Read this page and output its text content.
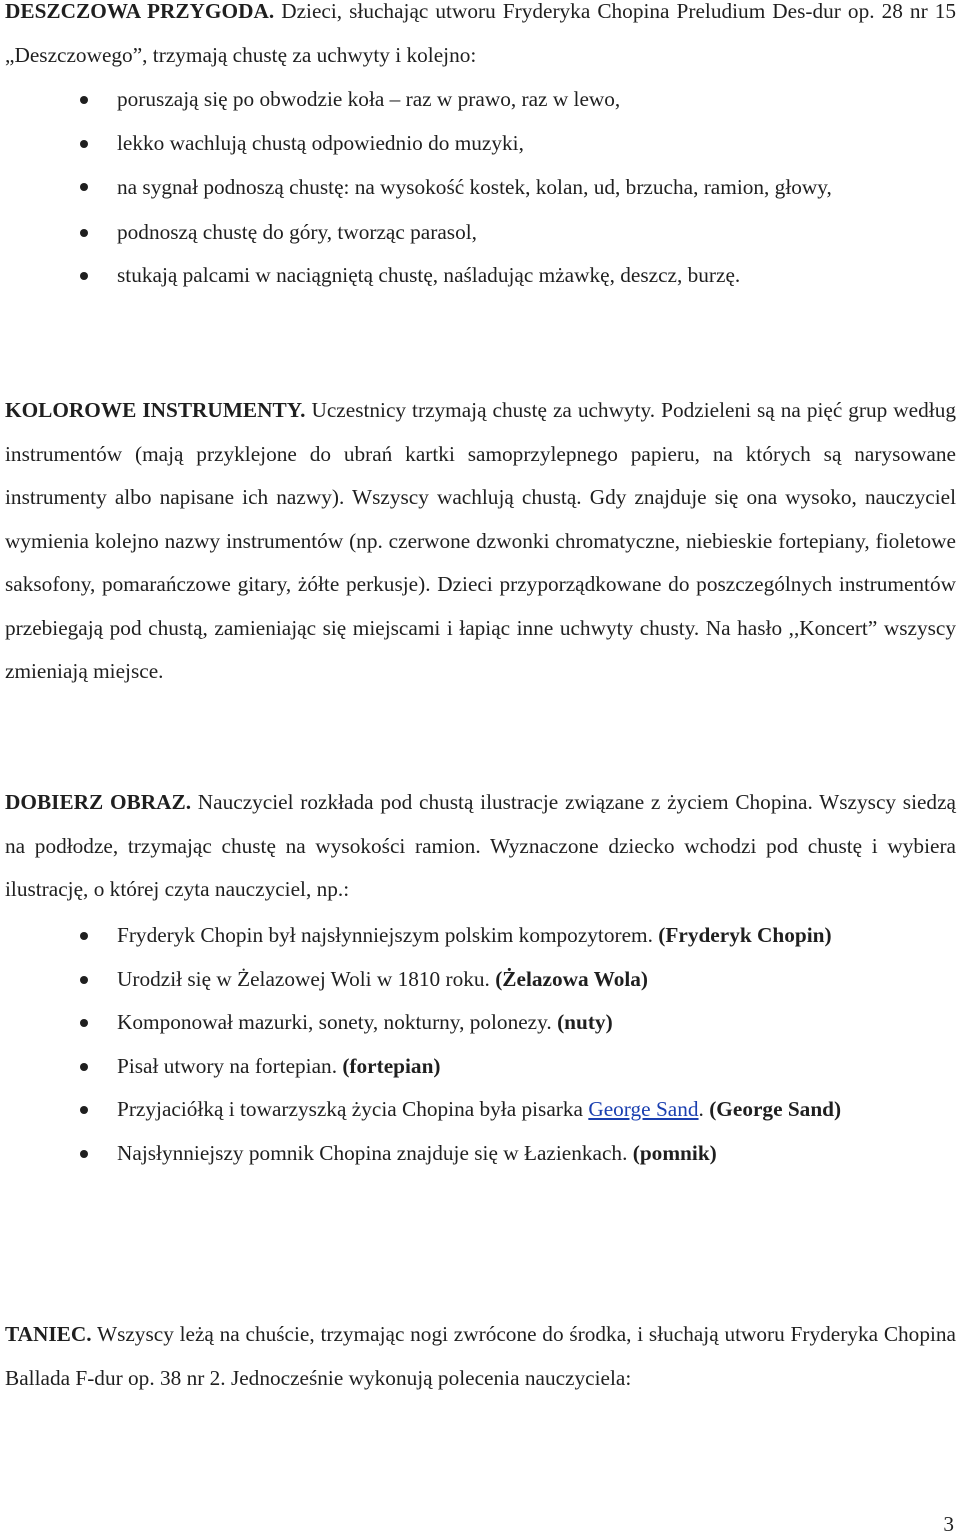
DESZCZOWA PRZYGODA. Dzieci, słuchając utworu Fryderyka Chopina Preludium Des-dur op. 28 nr 15 „Deszczowego”, trzymają chustę za uchwyty i kolejno:

poruszają się po obwodzie koła – raz w prawo, raz w lewo,
lekko wachlują chustą odpowiednio do muzyki,
na sygnał podnoszą chustę: na wysokość kostek, kolan, ud, brzucha, ramion, głowy,
podnoszą chustę do góry, tworząc parasol,
stukają palcami w naciągniętą chustę, naśladując mżawkę, deszcz, burzę.

KOLOROWE INSTRUMENTY. Uczestnicy trzymają chustę za uchwyty. Podzieleni są na pięć grup według instrumentów (mają przyklejone do ubrań kartki samoprzylepnego papieru, na których są narysowane instrumenty albo napisane ich nazwy). Wszyscy wachlują chustą. Gdy znajduje się ona wysoko, nauczyciel wymienia kolejno nazwy instrumentów (np. czerwone dzwonki chromatyczne, niebieskie fortepiany, fioletowe saksofony, pomarańczowe gitary, żółte perkusje). Dzieci przyporządkowane do poszczególnych instrumentów przebiegają pod chustą, zamieniając się miejscami i łapiąc inne uchwyty chusty. Na hasło ,,Koncert” wszyscy zmieniają miejsce.

DOBIERZ OBRAZ. Nauczyciel rozkłada pod chustą ilustracje związane z życiem Chopina. Wszyscy siedzą na podłodze, trzymając chustę na wysokości ramion. Wyznaczone dziecko wchodzi pod chustę i wybiera ilustrację, o której czyta nauczyciel, np.:

Fryderyk Chopin był najsłynniejszym polskim kompozytorem. (Fryderyk Chopin)
Urodził się w Żelazowej Woli w 1810 roku. (Żelazowa Wola)
Komponował mazurki, sonety, nokturny, polonezy. (nuty)
Pisał utwory na fortepian. (fortepian)
Przyjaciółką i towarzyszką życia Chopina była pisarka George Sand. (George Sand)
Najsłynniejszy pomnik Chopina znajduje się w Łazienkach. (pomnik)

TANIEC. Wszyscy leżą na chuście, trzymając nogi zwrócone do środka, i słuchają utworu Fryderyka Chopina Ballada F-dur op. 38 nr 2. Jednocześnie wykonują polecenia nauczyciela:

3
